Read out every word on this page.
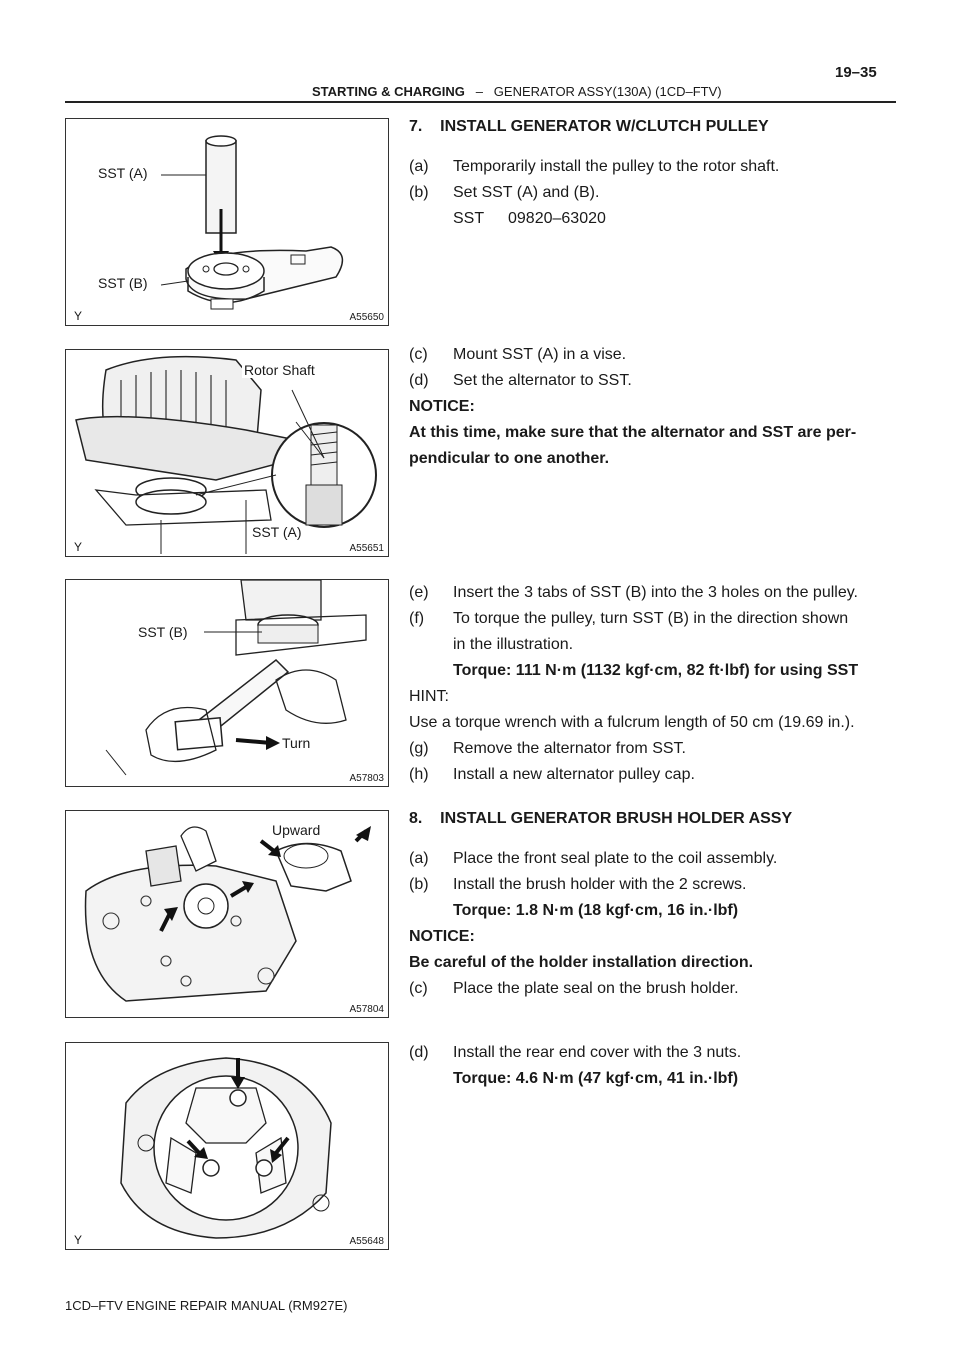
19–35
STARTING & CHARGING – GENERATOR ASSY(130A) (1CD–FTV)
SST (A)
SST (B)
Y	A55650
Rotor Shaft
SST (A)
Y	A55651
SST (B)
Turn
A57803
Upward
A57804
Y	A55648

7.    INSTALL GENERATOR W/CLUTCH PULLEY

(a)	Temporarily install the pulley to the rotor shaft.

(b)	Set SST (A) and (B).

SST 09820–63020

(c)	Mount SST (A) in a vise.

(d)	Set the alternator to SST.

NOTICE:

At this time, make sure that the alternator and SST are per-

pendicular to one another.

(e)	Insert the 3 tabs of SST (B) into the 3 holes on the pulley.

(f)	To torque the pulley, turn SST (B) in the direction shown

in the illustration.

Torque: 111 N·m (1132 kgf·cm, 82 ft·lbf) for using SST

HINT:

Use a torque wrench with a fulcrum length of 50 cm (19.69 in.).

(g)	Remove the alternator from SST.

(h)	Install a new alternator pulley cap.

8.    INSTALL GENERATOR BRUSH HOLDER ASSY

(a)	Place the front seal plate to the coil assembly.

(b)	Install the brush holder with the 2 screws.

Torque: 1.8 N·m (18 kgf·cm, 16 in.·lbf)

NOTICE:

Be careful of the holder installation direction.

(c)	Place the plate seal on the brush holder.

(d)	Install the rear end cover with the 3 nuts.

Torque: 4.6 N·m (47 kgf·cm, 41 in.·lbf)

1CD–FTV ENGINE REPAIR MANUAL (RM927E)
